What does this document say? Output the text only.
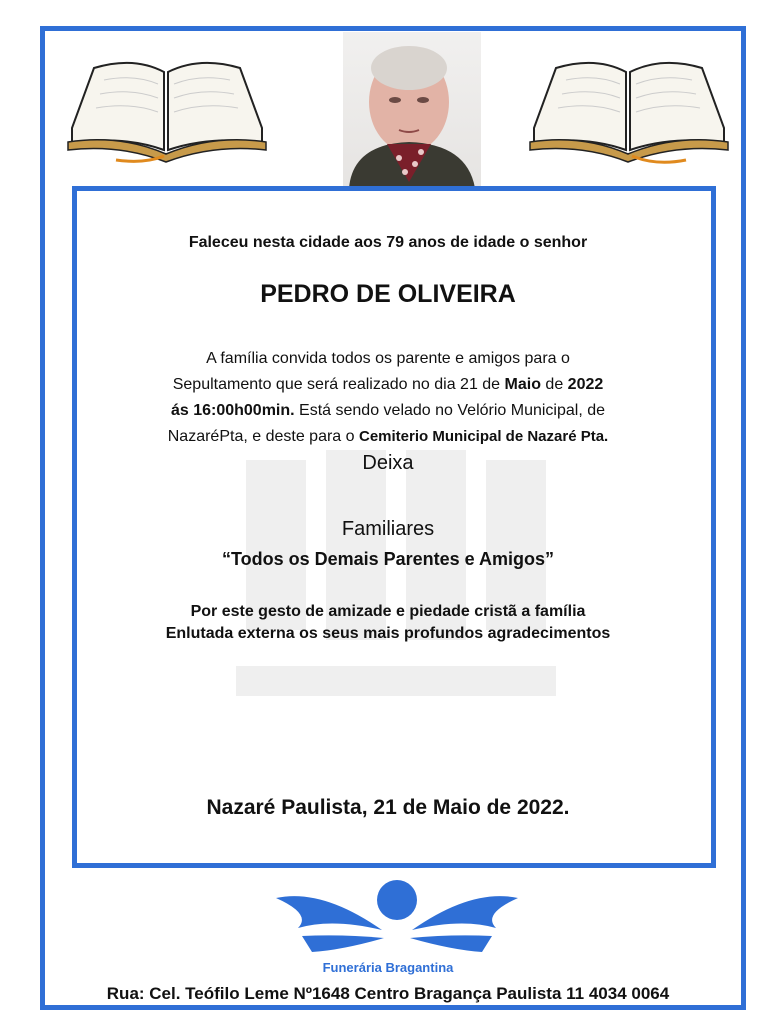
Faleceu nesta cidade aos 79 anos de idade o senhor
PEDRO DE OLIVEIRA
A família convida todos os parente e amigos para o
Sepultamento que será realizado no dia 21 de Maio de 2022
ás 16:00h00min. Está sendo velado no Velório Municipal, de
NazaréPta, e deste para o Cemiterio Municipal de Nazaré Pta.
Deixa
Familiares
“Todos os Demais Parentes e Amigos”
Por este gesto de amizade e piedade cristã a família
Enlutada externa os seus mais profundos agradecimentos
Nazaré Paulista, 21 de Maio de 2022.
Funerária Bragantina
Rua: Cel. Teófilo Leme Nº1648 Centro Bragança Paulista 11 4034 0064
